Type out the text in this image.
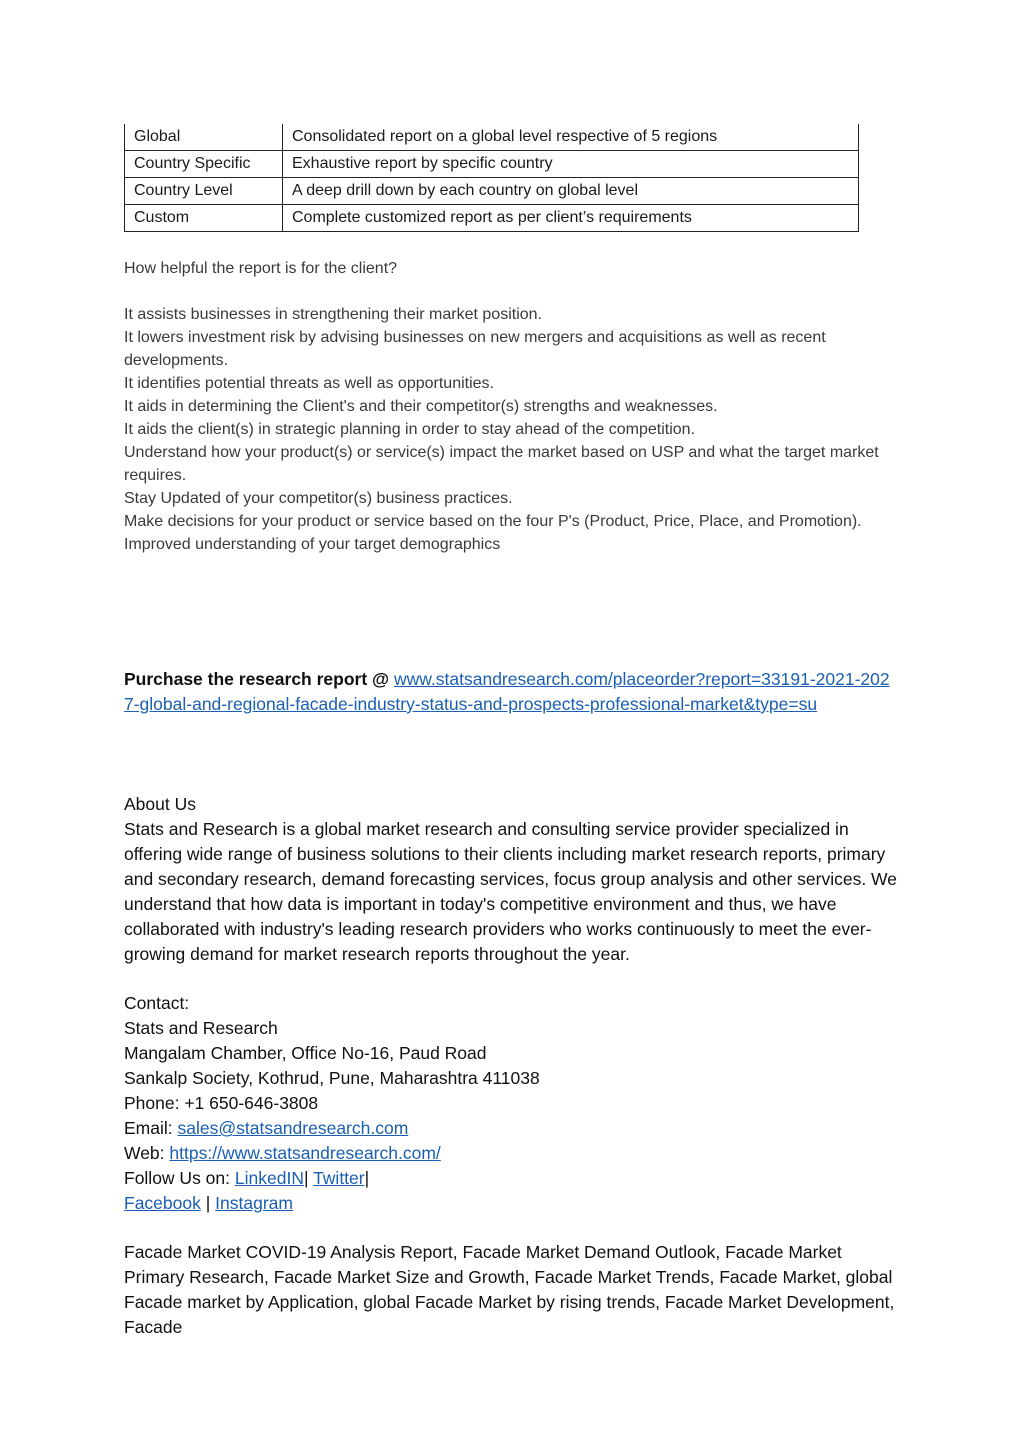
Global	Consolidated report on a global level respective of 5 regions
Country Specific	Exhaustive report by specific country
Country Level	A deep drill down by each country on global level
Custom	Complete customized report as per client’s requirements

How helpful the report is for the client?

It assists businesses in strengthening their market position.

It lowers investment risk by advising businesses on new mergers and acquisitions as well as recent developments.

It identifies potential threats as well as opportunities.

It aids in determining the Client's and their competitor(s) strengths and weaknesses.

It aids the client(s) in strategic planning in order to stay ahead of the competition.

Understand how your product(s) or service(s) impact the market based on USP and what the target market requires.

Stay Updated of your competitor(s) business practices.

Make decisions for your product or service based on the four P's (Product, Price, Place, and Promotion).

Improved understanding of your target demographics

Purchase the research report @ www.statsandresearch.com/placeorder?report=33191-2021-2027-global-and-regional-facade-industry-status-and-prospects-professional-market&type=su

About Us

Stats and Research is a global market research and consulting service provider specialized in offering wide range of business solutions to their clients including market research reports, primary and secondary research, demand forecasting services, focus group analysis and other services. We understand that how data is important in today's competitive environment and thus, we have collaborated with industry's leading research providers who works continuously to meet the ever-growing demand for market research reports throughout the year.

Contact:

Stats and Research

Mangalam Chamber, Office No-16, Paud Road

Sankalp Society, Kothrud, Pune, Maharashtra 411038

Phone: +1 650-646-3808

Email: sales@statsandresearch.com

Web: https://www.statsandresearch.com/

Follow Us on: LinkedIN| Twitter|

Facebook | Instagram

Facade Market COVID-19 Analysis Report, Facade Market Demand Outlook, Facade Market Primary Research, Facade Market Size and Growth, Facade Market Trends, Facade Market, global Facade market by Application, global Facade Market by rising trends, Facade Market Development, Facade
